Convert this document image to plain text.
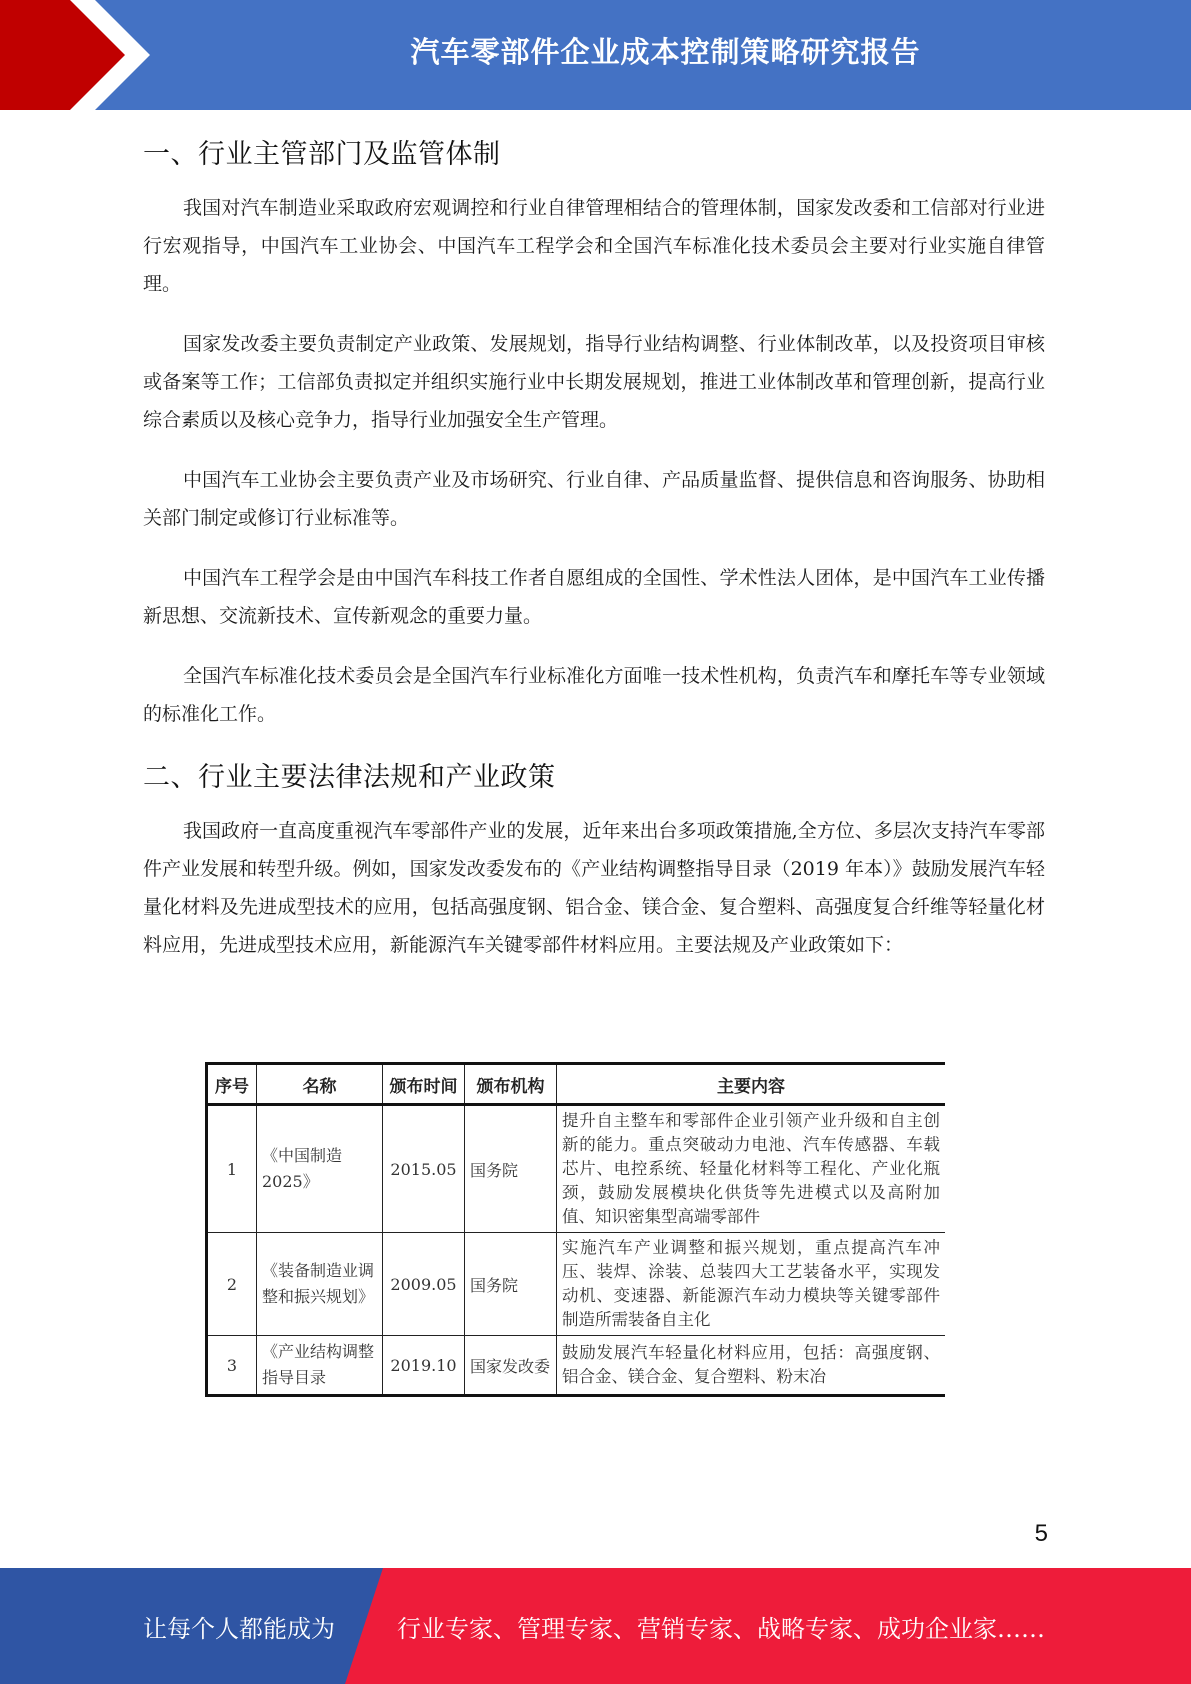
汽车零部件企业成本控制策略研究报告
一、行业主管部门及监管体制

我国对汽车制造业采取政府宏观调控和行业自律管理相结合的管理体制，国家发改委和工信部对行业进行宏观指导，中国汽车工业协会、中国汽车工程学会和全国汽车标准化技术委员会主要对行业实施自律管理。

国家发改委主要负责制定产业政策、发展规划，指导行业结构调整、行业体制改革，以及投资项目审核或备案等工作；工信部负责拟定并组织实施行业中长期发展规划，推进工业体制改革和管理创新，提高行业综合素质以及核心竞争力，指导行业加强安全生产管理。

中国汽车工业协会主要负责产业及市场研究、行业自律、产品质量监督、提供信息和咨询服务、协助相关部门制定或修订行业标准等。

中国汽车工程学会是由中国汽车科技工作者自愿组成的全国性、学术性法人团体，是中国汽车工业传播新思想、交流新技术、宣传新观念的重要力量。

全国汽车标准化技术委员会是全国汽车行业标准化方面唯一技术性机构，负责汽车和摩托车等专业领域的标准化工作。

二、行业主要法律法规和产业政策

我国政府一直高度重视汽车零部件产业的发展，近年来出台多项政策措施,全方位、多层次支持汽车零部件产业发展和转型升级。例如，国家发改委发布的《产业结构调整指导目录（2019 年本）》鼓励发展汽车轻量化材料及先进成型技术的应用，包括高强度钢、铝合金、镁合金、复合塑料、高强度复合纤维等轻量化材料应用，先进成型技术应用，新能源汽车关键零部件材料应用。主要法规及产业政策如下：

序号	名称	颁布时间	颁布机构	主要内容
1	《中国制造2025》	2015.05	国务院	提升自主整车和零部件企业引领产业升级和自主创新的能力。重点突破动力电池、汽车传感器、车载芯片、电控系统、轻量化材料等工程化、产业化瓶颈，鼓励发展模块化供货等先进模式以及高附加值、知识密集型高端零部件
2	《装备制造业调整和振兴规划》	2009.05	国务院	实施汽车产业调整和振兴规划，重点提高汽车冲压、装焊、涂装、总装四大工艺装备水平，实现发动机、变速器、新能源汽车动力模块等关键零部件制造所需装备自主化
3	《产业结构调整指导目录	2019.10	国家发改委	鼓励发展汽车轻量化材料应用，包括：高强度钢、铝合金、镁合金、复合塑料、粉末冶
5
让每个人都能成为	行业专家、管理专家、营销专家、战略专家、成功企业家……
